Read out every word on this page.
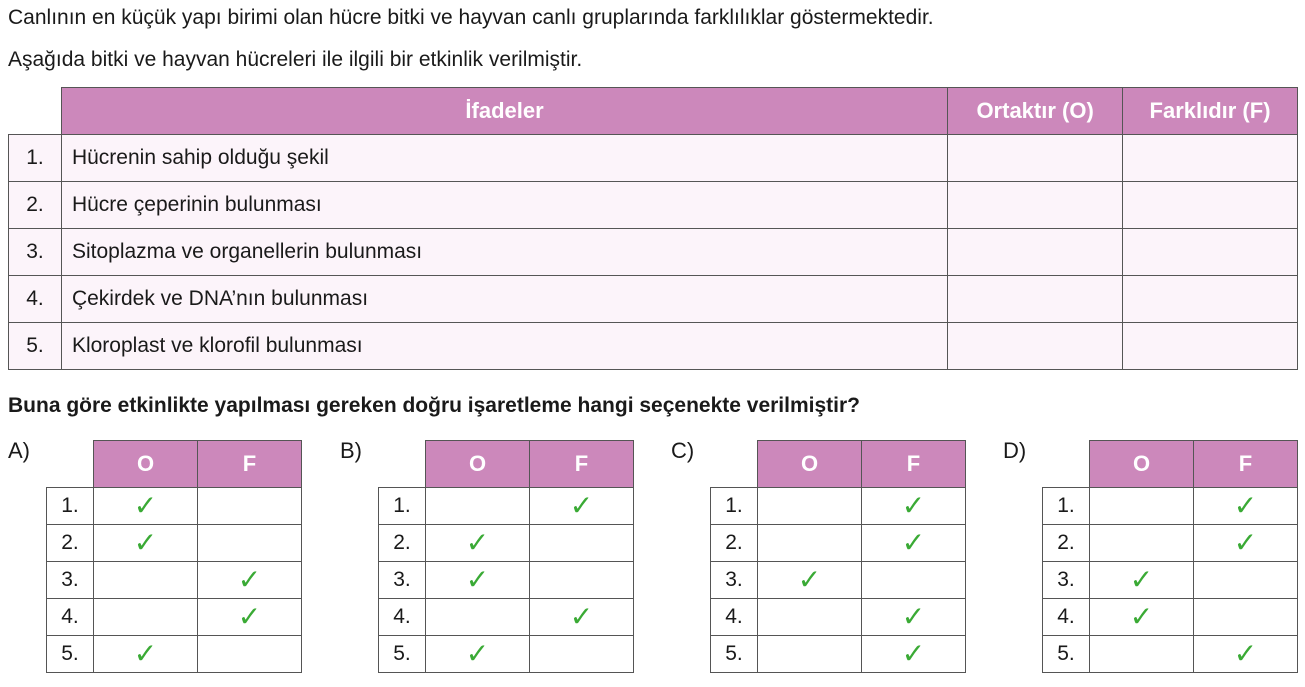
Canlının en küçük yapı birimi olan hücre bitki ve hayvan canlı gruplarında farklılıklar göstermektedir.
Aşağıda bitki ve hayvan hücreleri ile ilgili bir etkinlik verilmiştir.
	İfadeler	Ortaktır (O)	Farklıdır (F)
1.	Hücrenin sahip olduğu şekil		
2.	Hücre çeperinin bulunması		
3.	Sitoplazma ve organellerin bulunması		
4.	Çekirdek ve DNA’nın bulunması		
5.	Kloroplast ve klorofil bulunması		
Buna göre etkinlikte yapılması gereken doğru işaretleme hangi seçenekte verilmiştir?
A)
	O	F
1.	✓	
2.	✓	
3.		✓
4.		✓
5.	✓	
B)
	O	F
1.		✓
2.	✓	
3.	✓	
4.		✓
5.	✓	
C)
	O	F
1.		✓
2.		✓
3.	✓	
4.		✓
5.		✓
D)
	O	F
1.		✓
2.		✓
3.	✓	
4.	✓	
5.		✓
